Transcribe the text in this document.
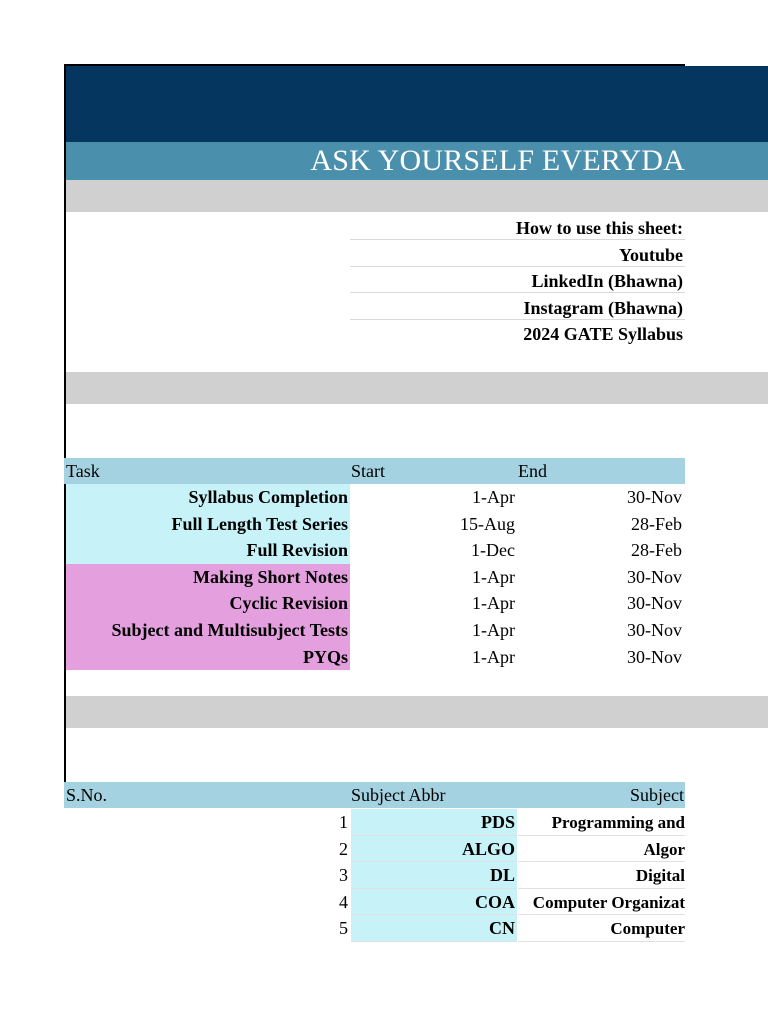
ASK YOURSELF EVERYDA
How to use this sheet:
Youtube
LinkedIn (Bhawna)
Instagram (Bhawna)
2024 GATE Syllabus
Task	Start	End
Syllabus Completion	1-Apr	30-Nov
Full Length Test Series	15-Aug	28-Feb
Full Revision	1-Dec	28-Feb
Making Short Notes	1-Apr	30-Nov
Cyclic Revision	1-Apr	30-Nov
Subject and Multisubject Tests	1-Apr	30-Nov
PYQs	1-Apr	30-Nov
S.No.	Subject Abbr	Subject
1	PDS	Programming and
2	ALGO	Algor
3	DL	Digital
4	COA	Computer Organizat
5	CN	Computer
